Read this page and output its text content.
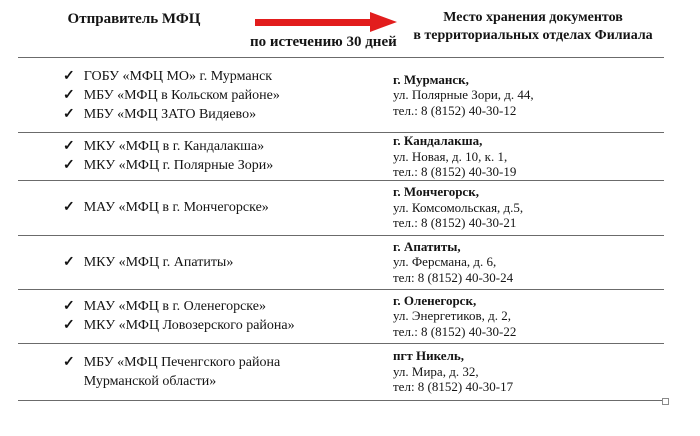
Отправитель МФЦ
по истечению 30 дней
Место хранения документов
в территориальных отделах Филиала
✓ ГОБУ «МФЦ МО» г. Мурманск
✓ МБУ «МФЦ в Кольском районе»
✓ МБУ «МФЦ ЗАТО Видяево»
г. Мурманск,
ул. Полярные Зори, д. 44,
тел.: 8 (8152) 40-30-12
✓ МКУ «МФЦ в г. Кандалакша»
✓ МКУ «МФЦ г. Полярные Зори»
г. Кандалакша,
ул. Новая, д. 10, к. 1,
тел.: 8 (8152) 40-30-19
✓ МАУ «МФЦ в г. Мончегорске»
г. Мончегорск,
ул. Комсомольская, д.5,
тел.: 8 (8152) 40-30-21
✓ МКУ «МФЦ г. Апатиты»
г. Апатиты,
ул. Ферсмана, д. 6,
тел: 8 (8152) 40-30-24
✓ МАУ «МФЦ в г. Оленегорске»
✓ МКУ «МФЦ Ловозерского района»
г. Оленегорск,
ул. Энергетиков, д. 2,
тел.: 8 (8152) 40-30-22
✓ МБУ «МФЦ Печенгского района Мурманской области»
пгт Никель,
ул. Мира, д. 32,
тел: 8 (8152) 40-30-17
